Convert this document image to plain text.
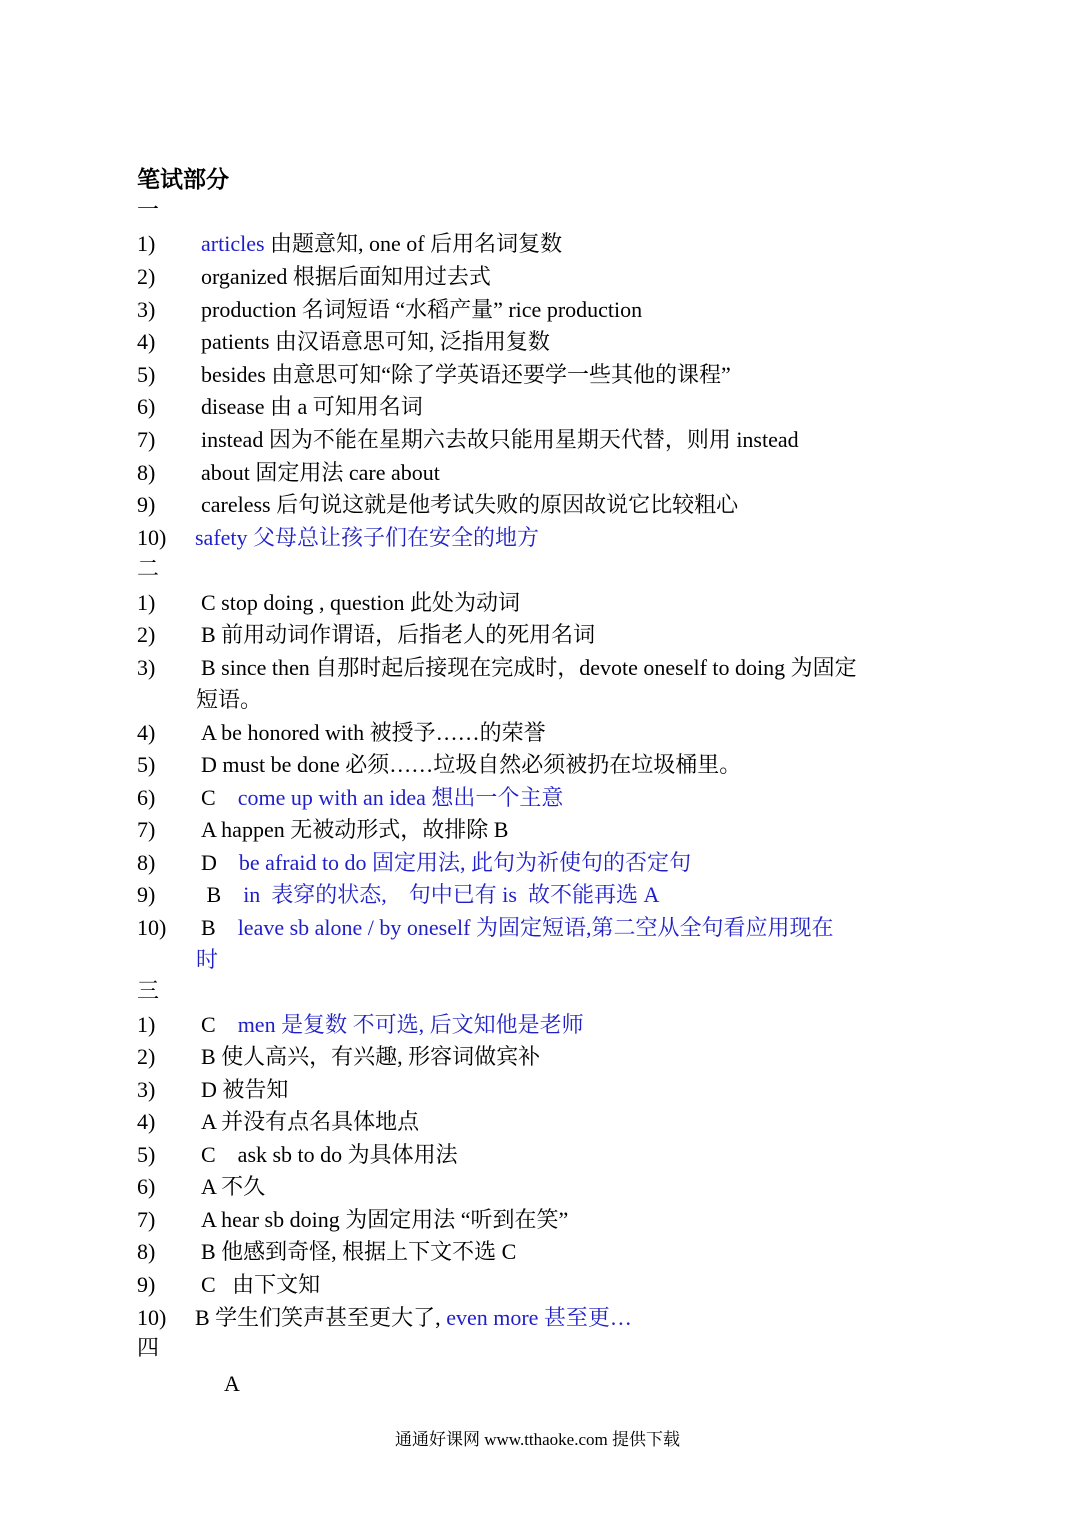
笔试部分
一
1) articles 由题意知, one of 后用名词复数
2) organized 根据后面知用过去式
3) production 名词短语 “水稻产量” rice production
4) patients 由汉语意思可知, 泛指用复数
5) besides 由意思可知“除了学英语还要学一些其他的课程”
6) disease 由 a 可知用名词
7) instead 因为不能在星期六去故只能用星期天代替，则用 instead
8) about 固定用法 care about
9) careless 后句说这就是他考试失败的原因故说它比较粗心
10) safety 父母总让孩子们在安全的地方
二
1) C stop doing , question 此处为动词
2) B 前用动词作谓语，后指老人的死用名词
3) B since then 自那时起后接现在完成时，devote oneself to doing 为固定
短语。
4) A be honored with 被授予……的荣誉
5) D must be done 必须……垃圾自然必须被扔在垃圾桶里。
6) C    come up with an idea 想出一个主意
7) A happen 无被动形式，故排除 B
8) D    be afraid to do 固定用法, 此句为祈使句的否定句
9) B    in  表穿的状态,    句中已有 is  故不能再选 A
10) B    leave sb alone / by oneself 为固定短语,第二空从全句看应用现在
时
三
1) C    men 是复数 不可选, 后文知他是老师
2) B 使人高兴，有兴趣, 形容词做宾补
3) D 被告知
4) A 并没有点名具体地点
5) C    ask sb to do 为具体用法
6) A 不久
7) A hear sb doing 为固定用法 “听到在笑”
8) B 他感到奇怪, 根据上下文不选 C
9) C   由下文知
10) B 学生们笑声甚至更大了, even more 甚至更…
四
A
通通好课网 www.tthaoke.com 提供下载
